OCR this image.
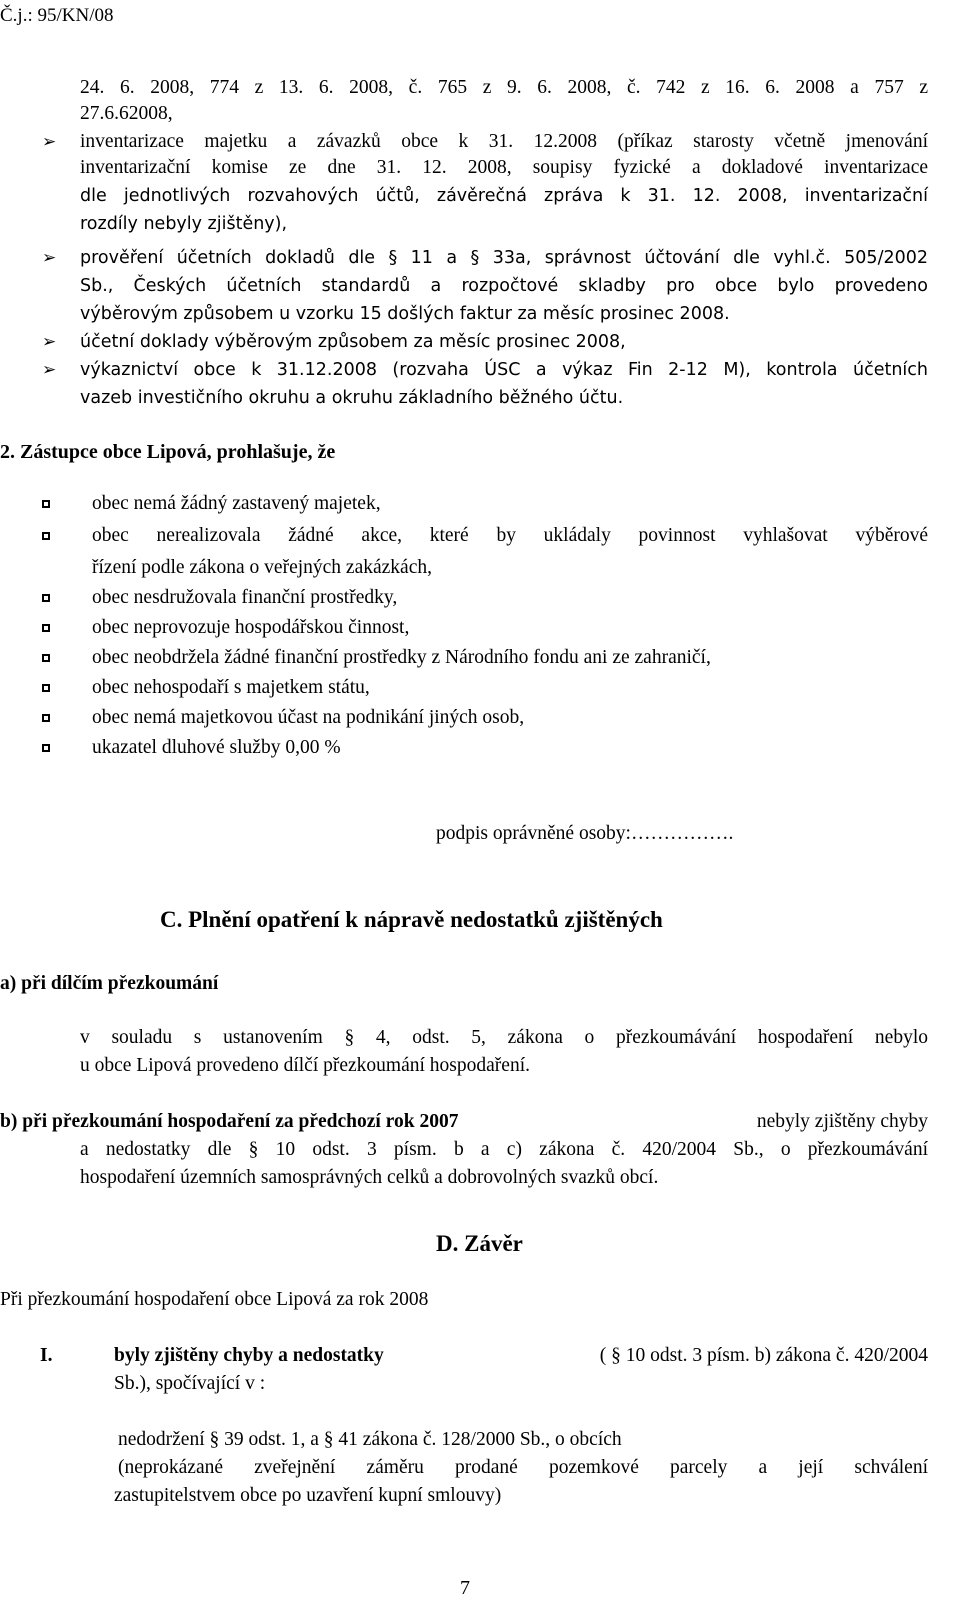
Č.j.: 95/KN/08
24. 6. 2008, 774 z 13. 6. 2008, č. 765 z 9. 6. 2008, č. 742 z 16. 6. 2008 a 757 z
27.6.62008,
➢ inventarizace majetku a závazků obce k 31. 12.2008 (příkaz starosty včetně jmenování
inventarizační komise ze dne 31. 12. 2008, soupisy fyzické a dokladové inventarizace
dle jednotlivých rozvahových účtů, závěrečná zpráva k 31. 12. 2008, inventarizační
rozdíly nebyly zjištěny),
➢ prověření účetních dokladů dle § 11 a § 33a, správnost účtování dle vyhl.č. 505/2002
Sb., Českých účetních standardů a rozpočtové skladby pro obce bylo provedeno
výběrovým způsobem u vzorku 15 došlých faktur za měsíc prosinec 2008.
➢ účetní doklady výběrovým způsobem za měsíc prosinec 2008,
➢ výkaznictví obce k 31.12.2008 (rozvaha ÚSC a výkaz Fin 2-12 M), kontrola účetních
vazeb investičního okruhu a okruhu základního běžného účtu.
2. Zástupce obce Lipová, prohlašuje, že
obec nemá žádný zastavený majetek,
obec nerealizovala žádné akce, které by ukládaly povinnost vyhlašovat výběrové
řízení podle zákona o veřejných zakázkách,
obec nesdružovala finanční prostředky,
obec neprovozuje hospodářskou činnost,
obec neobdržela žádné finanční prostředky z Národního fondu ani ze zahraničí,
obec nehospodaří s majetkem státu,
obec nemá majetkovou účast na podnikání jiných osob,
ukazatel dluhové služby 0,00 %
podpis oprávněné osoby:…………….
C. Plnění opatření k nápravě nedostatků zjištěných
a) při dílčím přezkoumání
v souladu s ustanovením § 4, odst. 5, zákona o přezkoumávání hospodaření nebylo
u obce Lipová provedeno dílčí přezkoumání hospodaření.
b) při přezkoumání hospodaření za předchozí rok 2007	nebyly zjištěny chyby
a nedostatky dle § 10 odst. 3 písm. b a c) zákona č. 420/2004 Sb., o přezkoumávání
hospodaření územních samosprávných celků a dobrovolných svazků obcí.
D. Závěr
Při přezkoumání hospodaření obce Lipová za rok 2008
I.	byly zjištěny chyby a nedostatky	( § 10 odst. 3 písm. b) zákona č. 420/2004
Sb.), spočívající v :
nedodržení § 39 odst. 1, a § 41 zákona č. 128/2000 Sb., o obcích
(neprokázané zveřejnění záměru prodané pozemkové parcely a její schválení
zastupitelstvem obce po uzavření kupní smlouvy)
7
